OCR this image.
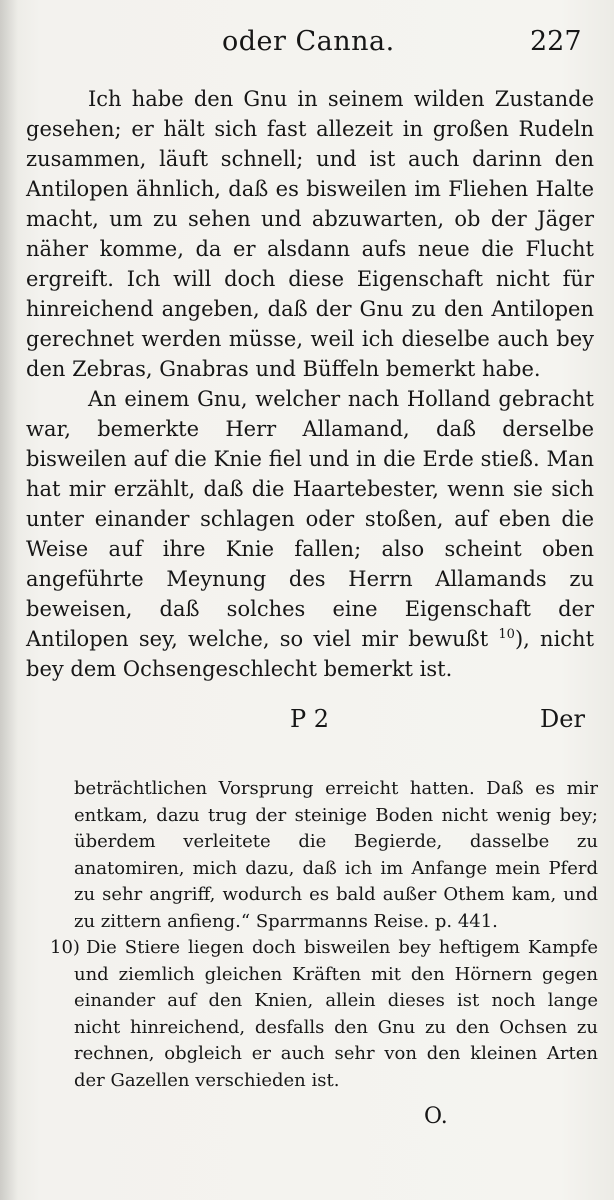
oder Canna.	227

Ich habe den Gnu in seinem wilden Zustande gesehen; er hält sich fast allezeit in großen Rudeln zusammen, läuft schnell; und ist auch darinn den Antilopen ähnlich, daß es bisweilen im Fliehen Halte macht, um zu sehen und abzuwarten, ob der Jäger näher komme, da er alsdann aufs neue die Flucht ergreift. Ich will doch diese Eigenschaft nicht für hinreichend angeben, daß der Gnu zu den Antilopen gerechnet werden müsse, weil ich dieselbe auch bey den Zebras, Gnabras und Büffeln bemerkt habe.

An einem Gnu, welcher nach Holland gebracht war, bemerkte Herr Allamand, daß derselbe bisweilen auf die Knie fiel und in die Erde stieß. Man hat mir erzählt, daß die Haartebester, wenn sie sich unter einander schlagen oder stoßen, auf eben die Weise auf ihre Knie fallen; also scheint oben angeführte Meynung des Herrn Allamands zu beweisen, daß solches eine Eigenschaft der Antilopen sey, welche, so viel mir bewußt $^{10}$), nicht bey dem Ochsengeschlecht bemerkt ist.

P 2	Der

beträchtlichen Vorsprung erreicht hatten. Daß es mir entkam, dazu trug der steinige Boden nicht wenig bey; überdem verleitete die Begierde, dasselbe zu anatomiren, mich dazu, daß ich im Anfange mein Pferd zu sehr angriff, wodurch es bald außer Othem kam, und zu zittern anfieng.“ Sparrmanns Reise. p. 441.

10) Die Stiere liegen doch bisweilen bey heftigem Kampfe und ziemlich gleichen Kräften mit den Hörnern gegen einander auf den Knien, allein dieses ist noch lange nicht hinreichend, desfalls den Gnu zu den Ochsen zu rechnen, obgleich er auch sehr von den kleinen Arten der Gazellen verschieden ist.

O.
